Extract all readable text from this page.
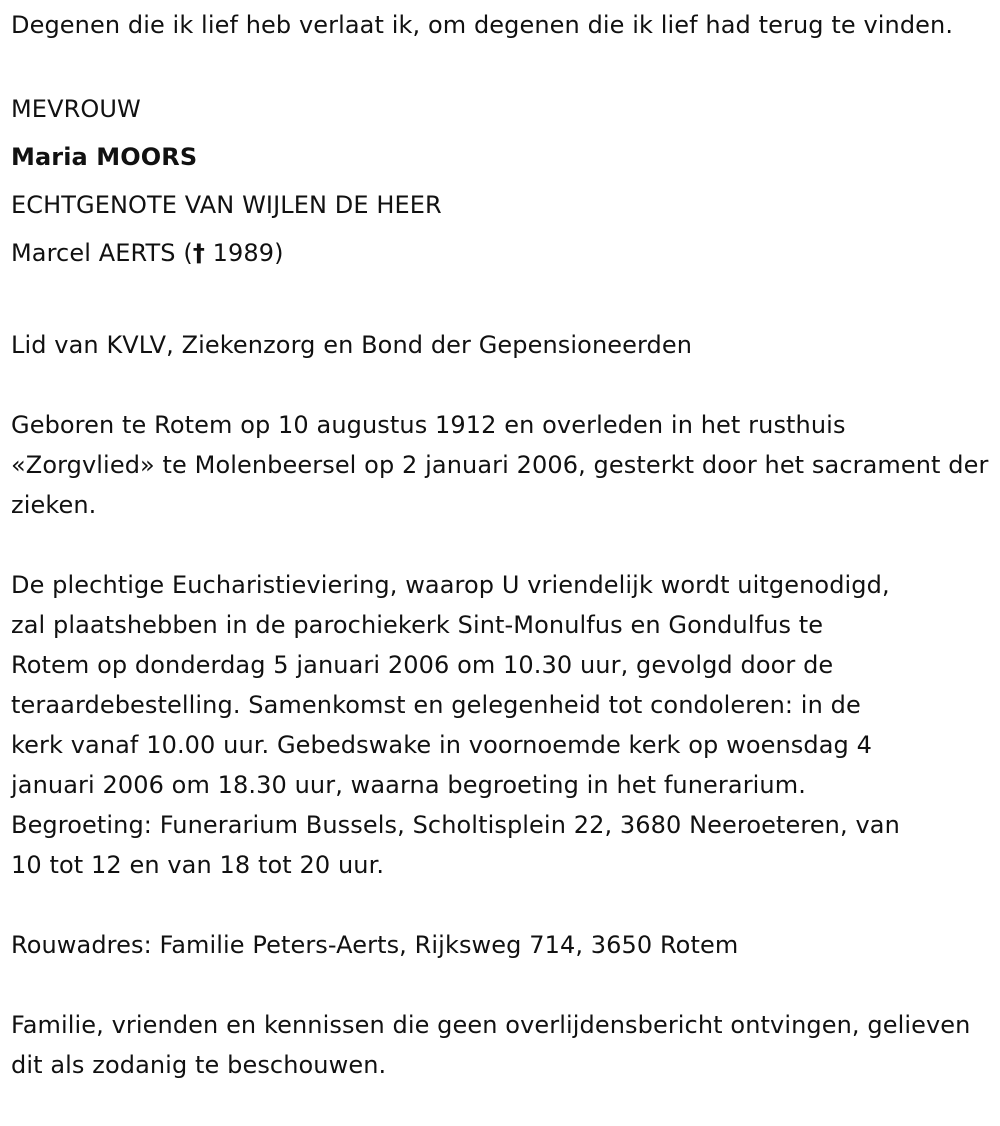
Degenen die ik lief heb verlaat ik, om degenen die ik lief had terug te vinden.

MEVROUW

Maria MOORS

ECHTGENOTE VAN WIJLEN DE HEER

Marcel AERTS († 1989)

Lid van KVLV, Ziekenzorg en Bond der Gepensioneerden

Geboren te Rotem op 10 augustus 1912 en overleden in het rusthuis «Zorgvlied» te Molenbeersel op 2 januari 2006, gesterkt door het sacrament der zieken.

De plechtige Eucharistieviering, waarop U vriendelijk wordt uitgenodigd,

zal plaatshebben in de parochiekerk Sint-Monulfus en Gondulfus te

Rotem op donderdag 5 januari 2006 om 10.30 uur, gevolgd door de

teraardebestelling. Samenkomst en gelegenheid tot condoleren: in de

kerk vanaf 10.00 uur. Gebedswake in voornoemde kerk op woensdag 4

januari 2006 om 18.30 uur, waarna begroeting in het funerarium.

Begroeting: Funerarium Bussels, Scholtisplein 22, 3680 Neeroeteren, van

10 tot 12 en van 18 tot 20 uur.

Rouwadres: Familie Peters-Aerts, Rijksweg 714, 3650 Rotem

Familie, vrienden en kennissen die geen overlijdensbericht ontvingen, gelieven dit als zodanig te beschouwen.
